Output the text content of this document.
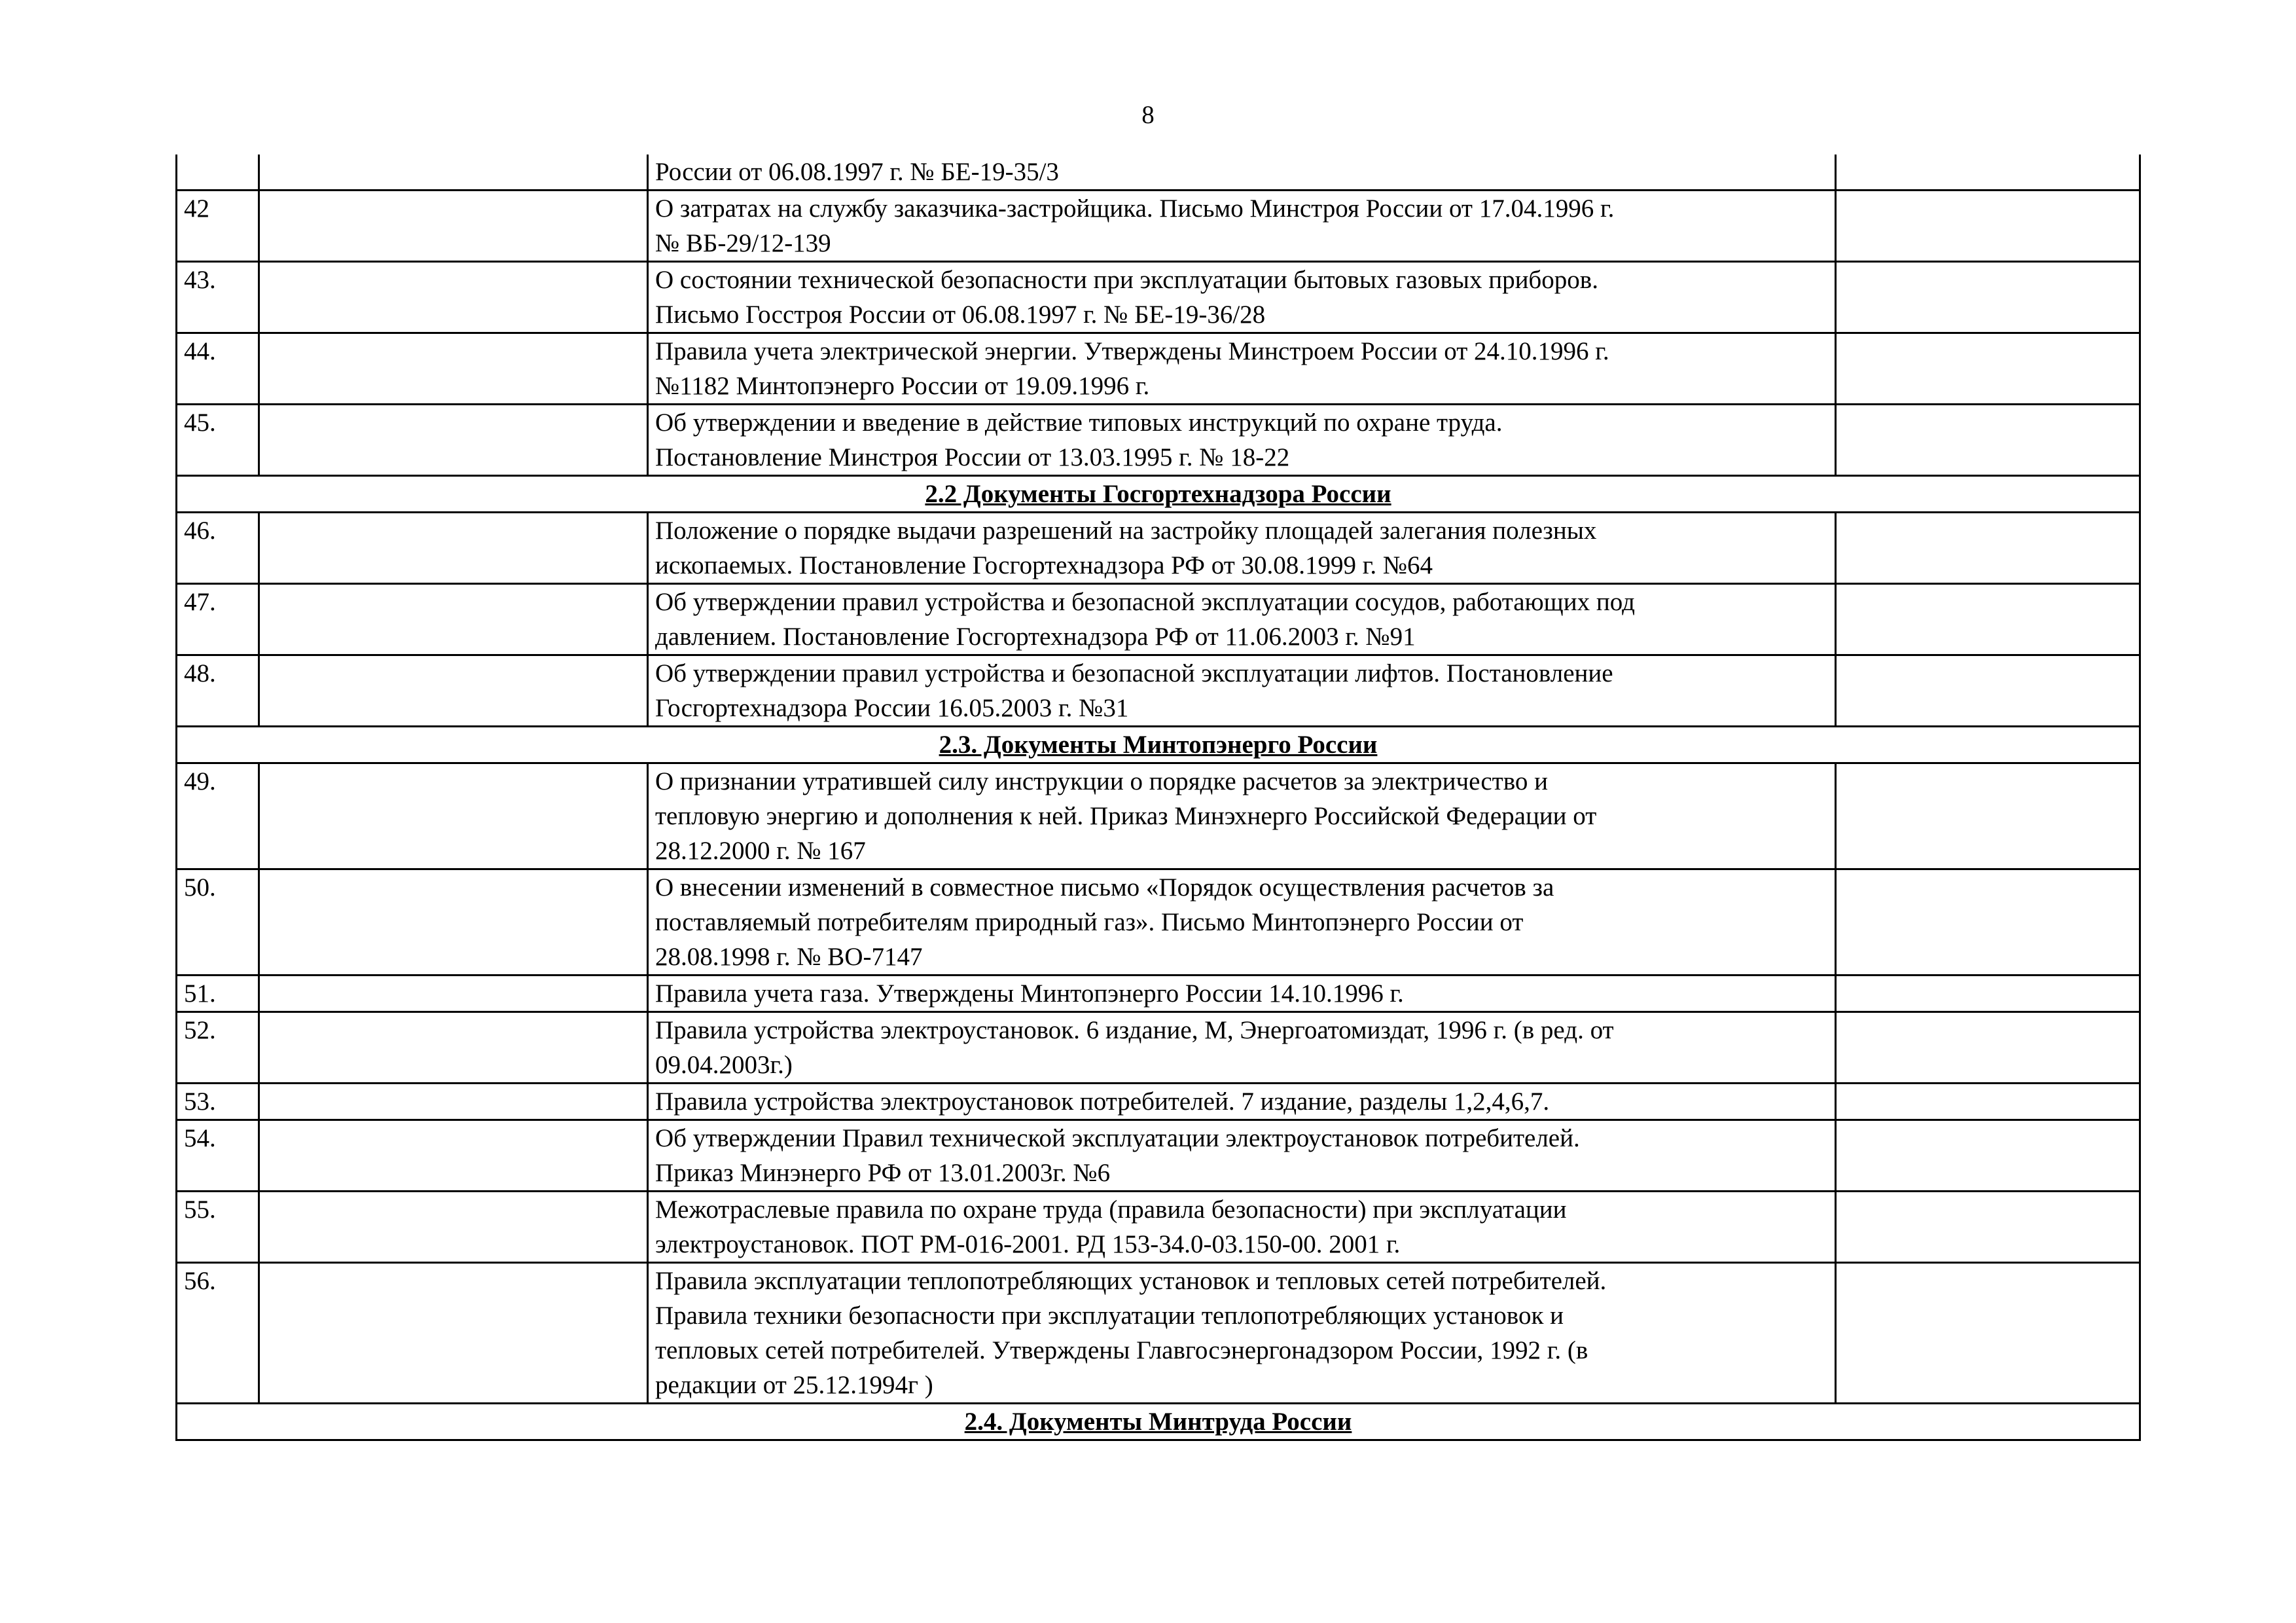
8

		России от 06.08.1997 г. № БЕ-19-35/3	

42		О затратах на службу заказчика-застройщика. Письмо Минстроя России от 17.04.1996 г.
№ ВБ-29/12-139	

43.		О состоянии технической безопасности при эксплуатации бытовых газовых приборов.
Письмо Госстроя России от 06.08.1997 г. № БЕ-19-36/28	

44.		Правила учета электрической энергии. Утверждены Минстроем России от 24.10.1996 г.
№1182 Минтопэнерго России от 19.09.1996 г.	

45.		Об утверждении и введение в действие типовых инструкций по охране труда.
Постановление Минстроя России от 13.03.1995 г. № 18-22	

2.2 Документы Госгортехнадзора России			
46.		Положение о порядке выдачи разрешений на застройку площадей залегания полезных
ископаемых. Постановление Госгортехнадзора РФ от 30.08.1999 г. №64	

47.		Об утверждении правил устройства и безопасной эксплуатации сосудов, работающих под
давлением. Постановление Госгортехнадзора РФ от 11.06.2003 г. №91	

48.		Об утверждении правил устройства и безопасной эксплуатации лифтов. Постановление
Госгортехнадзора России 16.05.2003 г. №31	

2.3. Документы Минтопэнерго России			
49.		О признании утратившей силу инструкции о порядке расчетов за электричество и
тепловую энергию и дополнения к ней. Приказ Минэхнерго Российской Федерации от
28.12.2000 г. № 167	

50.		О внесении изменений в совместное письмо «Порядок осуществления расчетов за
поставляемый потребителям природный газ». Письмо Минтопэнерго России от
28.08.1998 г. № ВО-7147	

51.		Правила учета газа. Утверждены Минтопэнерго России 14.10.1996 г.	

52.		Правила устройства электроустановок. 6 издание, М, Энергоатомиздат, 1996 г. (в ред. от
09.04.2003г.)	

53.		Правила устройства электроустановок потребителей. 7 издание, разделы 1,2,4,6,7.	

54.		Об утверждении Правил технической эксплуатации электроустановок потребителей.
Приказ Минэнерго РФ от 13.01.2003г. №6	

55.		Межотраслевые правила по охране труда (правила безопасности) при эксплуатации
электроустановок. ПОТ РМ-016-2001. РД 153-34.0-03.150-00. 2001 г.	

56.		Правила эксплуатации теплопотребляющих установок и тепловых сетей потребителей.
Правила техники безопасности при эксплуатации теплопотребляющих установок и
тепловых сетей потребителей. Утверждены Главгосэнергонадзором России, 1992 г. (в
редакции от 25.12.1994г )	

2.4. Документы Минтруда России			
